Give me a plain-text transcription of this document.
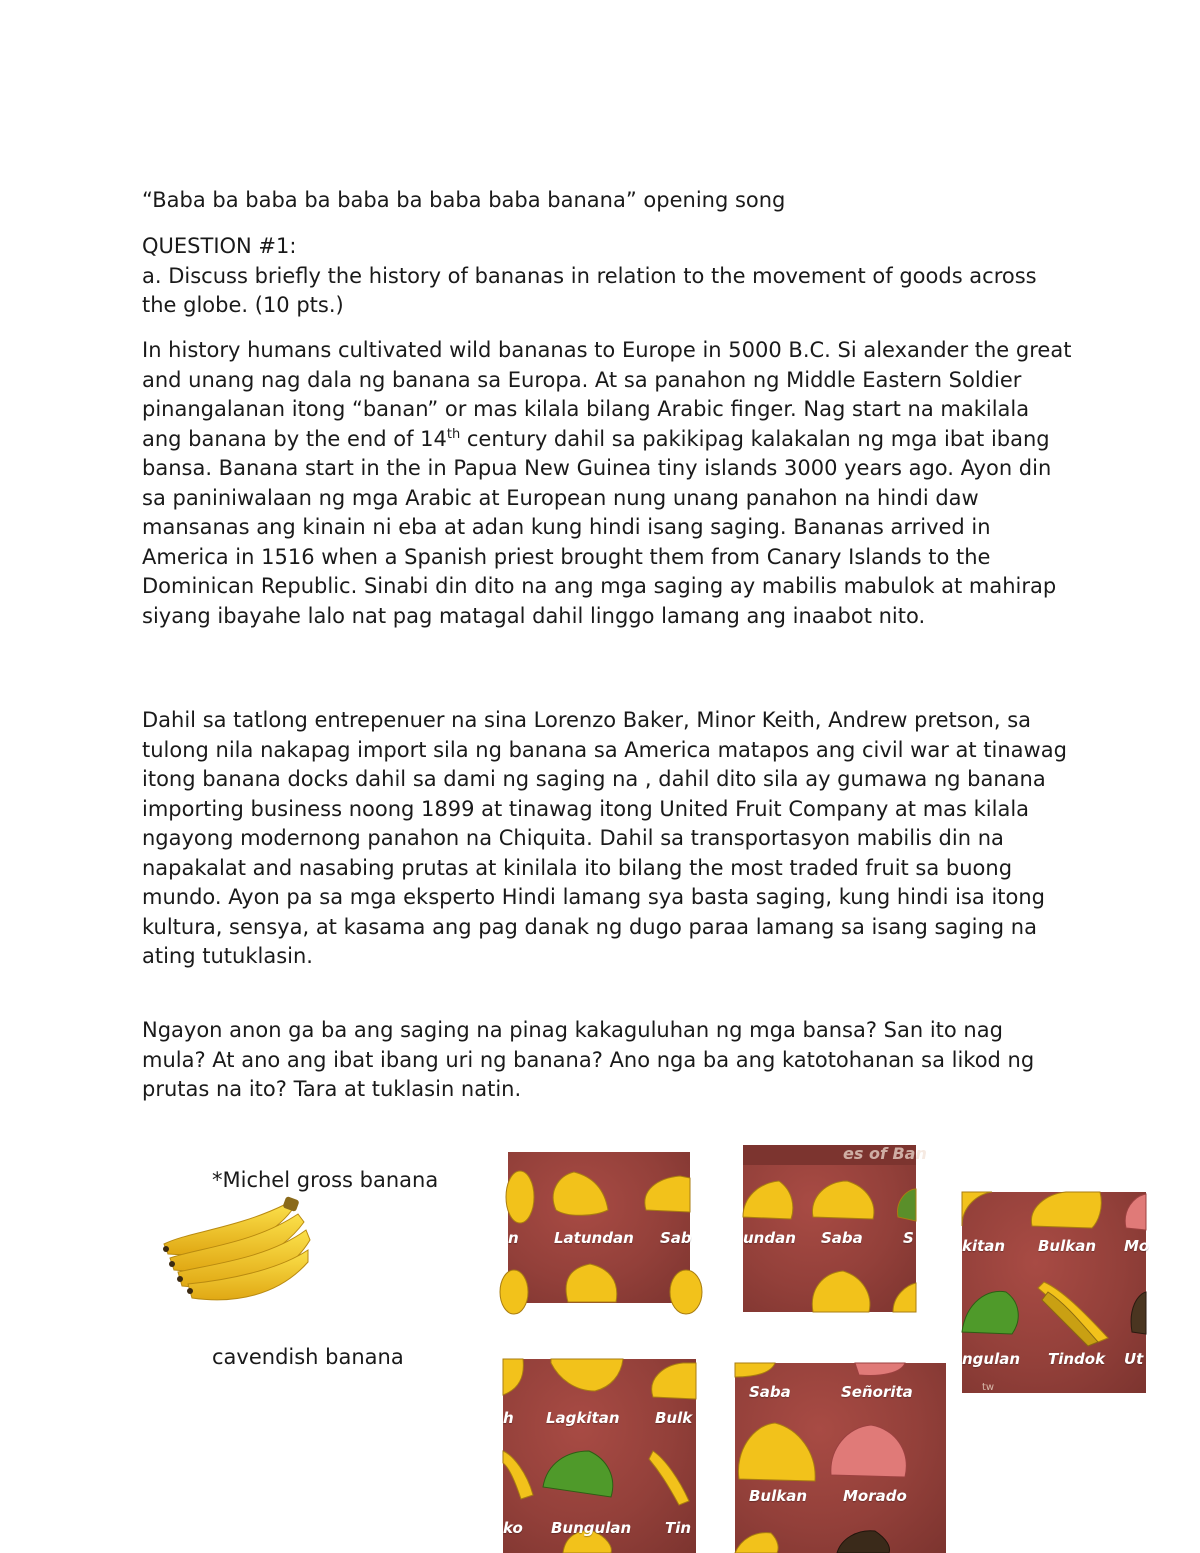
“Baba ba baba ba baba ba baba baba banana” opening song

QUESTION #1:

a. Discuss briefly the history of bananas in relation to the movement of goods across the globe. (10 pts.)

In history humans cultivated wild bananas to Europe in 5000 B.C. Si alexander the great and unang nag dala ng banana sa Europa. At sa panahon ng Middle Eastern Soldier pinangalanan itong “banan” or mas kilala bilang Arabic finger. Nag start na makilala ang banana by the end of 14th century dahil sa pakikipag kalakalan ng mga ibat ibang bansa. Banana start in the in Papua New Guinea tiny islands 3000 years ago. Ayon din sa paniniwalaan ng mga Arabic at European nung unang panahon na hindi daw mansanas ang kinain ni eba at adan kung hindi isang saging. Bananas arrived in America in 1516 when a Spanish priest brought them from Canary Islands to the Dominican Republic. Sinabi din dito na ang mga saging ay mabilis mabulok at mahirap siyang ibayahe lalo nat pag matagal dahil linggo lamang ang inaabot nito.

Dahil sa tatlong entrepenuer na sina Lorenzo Baker, Minor Keith, Andrew pretson, sa tulong nila nakapag import sila ng banana sa America matapos ang civil war at tinawag itong banana docks dahil sa dami ng saging na , dahil dito sila ay gumawa ng banana importing business noong 1899 at tinawag itong United Fruit Company at mas kilala ngayong modernong panahon na Chiquita. Dahil sa transportasyon mabilis din na napakalat and nasabing prutas at kinilala ito bilang the most traded fruit sa buong mundo. Ayon pa sa mga eksperto Hindi lamang sya basta saging, kung hindi isa itong kultura, sensya, at kasama ang pag danak ng dugo paraa lamang sa isang saging na ating tutuklasin.

Ngayon anon ga ba ang saging na pinag kakaguluhan ng mga bansa? San ito nag mula? At ano ang ibat ibang uri ng banana? Ano nga ba ang katotohanan sa likod ng prutas na ito? Tara at tuklasin natin.

*Michel gross banana
cavendish banana
n Latundan Sab
es of Ban
undan Saba	S
tw
kitan Bulkan Mo
ngulan Tindok Ut
h Lagkitan Bulk
ko Bungulan Tin
Saba	Señorita
Bulkan Morado
